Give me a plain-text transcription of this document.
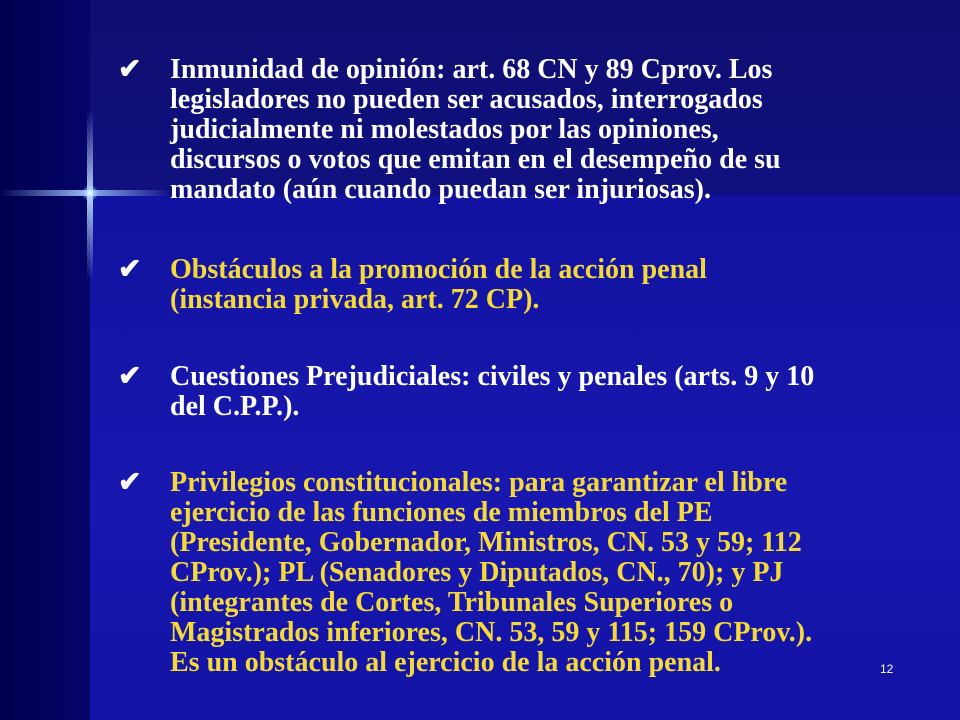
✔ Inmunidad de opinión: art. 68 CN y 89 Cprov. Los
legisladores no pueden ser acusados, interrogados
judicialmente ni molestados por las opiniones,
discursos o votos que emitan en el desempeño de su
mandato (aún cuando puedan ser injuriosas).
✔ Obstáculos a la promoción de la acción penal
(instancia privada, art. 72 CP).
✔ Cuestiones Prejudiciales: civiles y penales (arts. 9 y 10
del C.P.P.).
✔ Privilegios constitucionales: para garantizar el libre
ejercicio de las funciones de miembros del PE
(Presidente, Gobernador, Ministros, CN. 53 y 59; 112
CProv.); PL (Senadores y Diputados, CN., 70); y PJ
(integrantes de Cortes, Tribunales Superiores o
Magistrados inferiores, CN. 53, 59 y 115; 159 CProv.).
Es un obstáculo al ejercicio de la acción penal.	12
